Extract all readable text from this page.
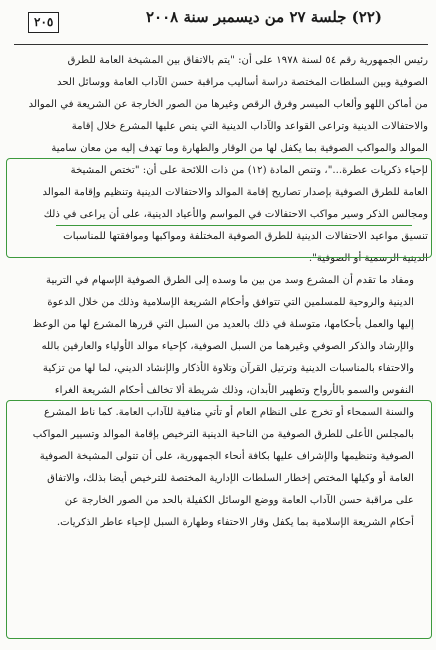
٢٠٥	(٢٢) جلسة ٢٧ من ديسمبر سنة ٢٠٠٨
رئيس الجمهورية رقم ٥٤ لسنة ١٩٧٨ على أن: "يتم بالاتفاق بين المشيخة العامة للطرق
الصوفية وبين السلطات المختصة دراسة أساليب مراقبة حسن الآداب العامة ووسائل الحد
من أماكن اللهو وألعاب الميسر وفرق الرقص وغيرها من الصور الخارجة عن الشريعة في الموالد
والاحتفالات الدينية وتراعى القواعد والآداب الدينية التي ينص عليها المشرع خلال إقامة
الموالد والمواكب الصوفية بما يكفل لها من الوقار والطهارة وما تهدف إليه من معان سامية
لإحياء ذكريات عطرة..."، وتنص المادة (١٢) من ذات اللائحة على أن: "تختص المشيخة
العامة للطرق الصوفية بإصدار تصاريح إقامة الموالد والاحتفالات الدينية وتنظيم وإقامة الموالد
ومجالس الذكر وسير مواكب الاحتفالات في المواسم والأعياد الدينية، على أن يراعى في ذلك
تنسيق مواعيد الاحتفالات الدينية للطرق الصوفية المختلفة ومواكبها وموافقتها للمناسبات
الدينية الرسمية أو الصوفية".
ومفاد ما تقدم أن المشرع وسد من بين ما وسده إلى الطرق الصوفية الإسهام في التربية
الدينية والروحية للمسلمين التي تتوافق وأحكام الشريعة الإسلامية وذلك من خلال الدعوة
إليها والعمل بأحكامها، متوسلة في ذلك بالعديد من السبل التي قررها المشرع لها من الوعظ
والإرشاد والذكر الصوفي وغيرهما من السبل الصوفية، كإحياء موالد الأولياء والعارفين بالله
والاحتفاء بالمناسبات الدينية وترتيل القرآن وتلاوة الأذكار والإنشاد الديني، لما لها من تزكية
النفوس والسمو بالأرواح وتطهير الأبدان، وذلك شريطة ألا تخالف أحكام الشريعة الغراء
والسنة السمحاء أو تخرج على النظام العام أو تأتي منافية للآداب العامة. كما ناط المشرع
بالمجلس الأعلى للطرق الصوفية من الناحية الدينية الترخيص بإقامة الموالد وتسيير المواكب
الصوفية وتنظيمها والإشراف عليها بكافة أنحاء الجمهورية، على أن تتولى المشيخة الصوفية
العامة أو وكيلها المختص إخطار السلطات الإدارية المختصة للترخيص أيضا بذلك، والاتفاق
على مراقبة حسن الآداب العامة ووضع الوسائل الكفيلة بالحد من الصور الخارجة عن
أحكام الشريعة الإسلامية بما يكفل وقار الاحتفاء وطهارة السبل لإحياء عاطر الذكريات.
